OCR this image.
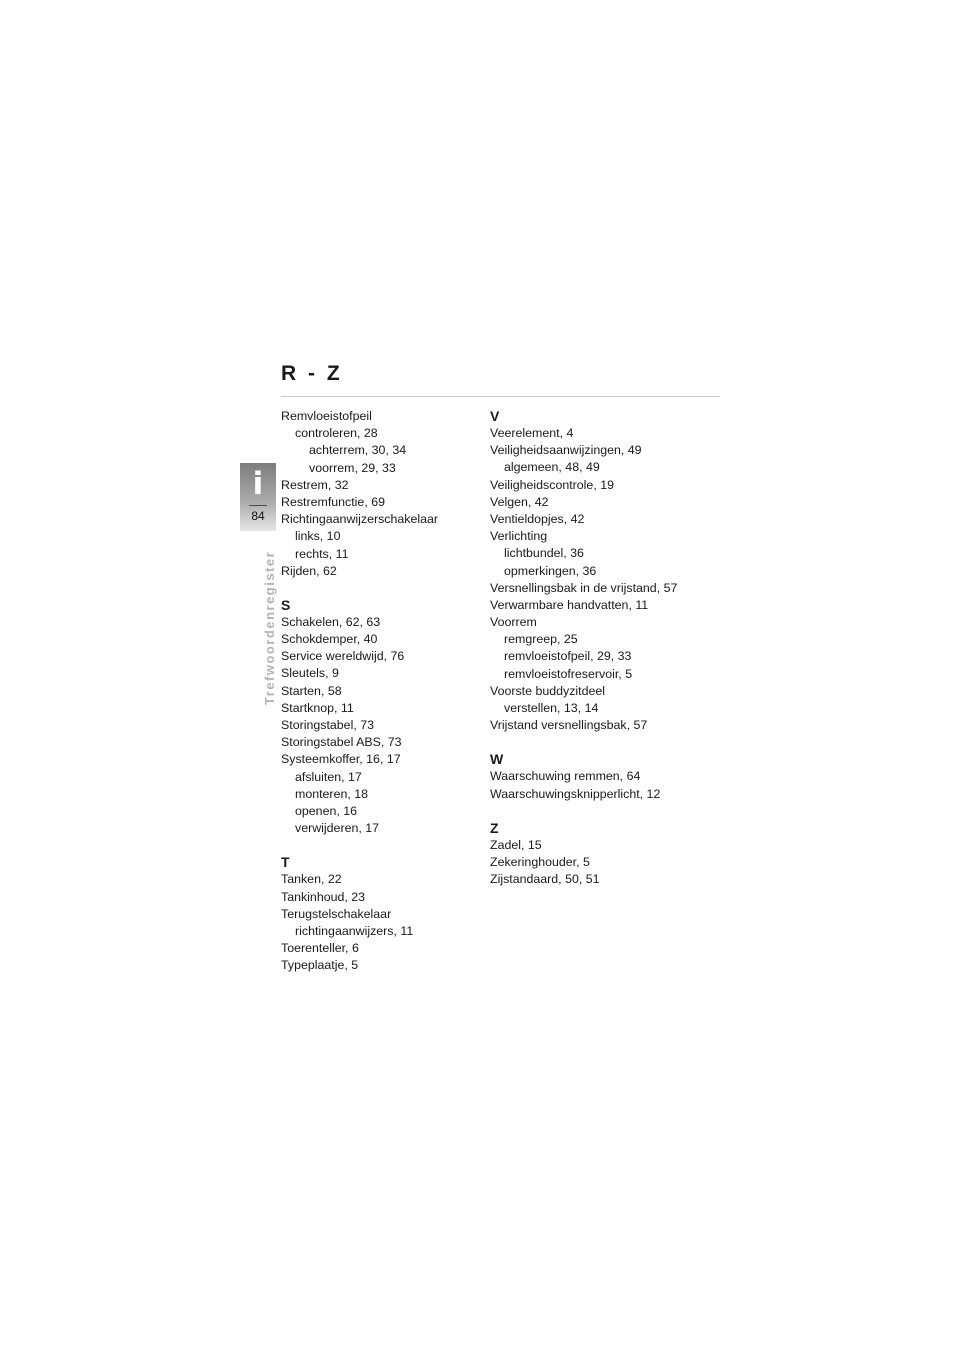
R - Z
i
84
Trefwoordenregister
Remvloeistofpeil
controleren, 28
achterrem, 30, 34
voorrem, 29, 33
Restrem, 32
Restremfunctie, 69
Richtingaanwijzerschakelaar
links, 10
rechts, 11
Rijden, 62
S
Schakelen, 62, 63
Schokdemper, 40
Service wereldwijd, 76
Sleutels, 9
Starten, 58
Startknop, 11
Storingstabel, 73
Storingstabel ABS, 73
Systeemkoffer, 16, 17
afsluiten, 17
monteren, 18
openen, 16
verwijderen, 17
T
Tanken, 22
Tankinhoud, 23
Terugstelschakelaar
richtingaanwijzers, 11
Toerenteller, 6
Typeplaatje, 5
V
Veerelement, 4
Veiligheidsaanwijzingen, 49
algemeen, 48, 49
Veiligheidscontrole, 19
Velgen, 42
Ventieldopjes, 42
Verlichting
lichtbundel, 36
opmerkingen, 36
Versnellingsbak in de vrijstand, 57
Verwarmbare handvatten, 11
Voorrem
remgreep, 25
remvloeistofpeil, 29, 33
remvloeistofreservoir, 5
Voorste buddyzitdeel
verstellen, 13, 14
Vrijstand versnellingsbak, 57
W
Waarschuwing remmen, 64
Waarschuwingsknipperlicht, 12
Z
Zadel, 15
Zekeringhouder, 5
Zijstandaard, 50, 51
